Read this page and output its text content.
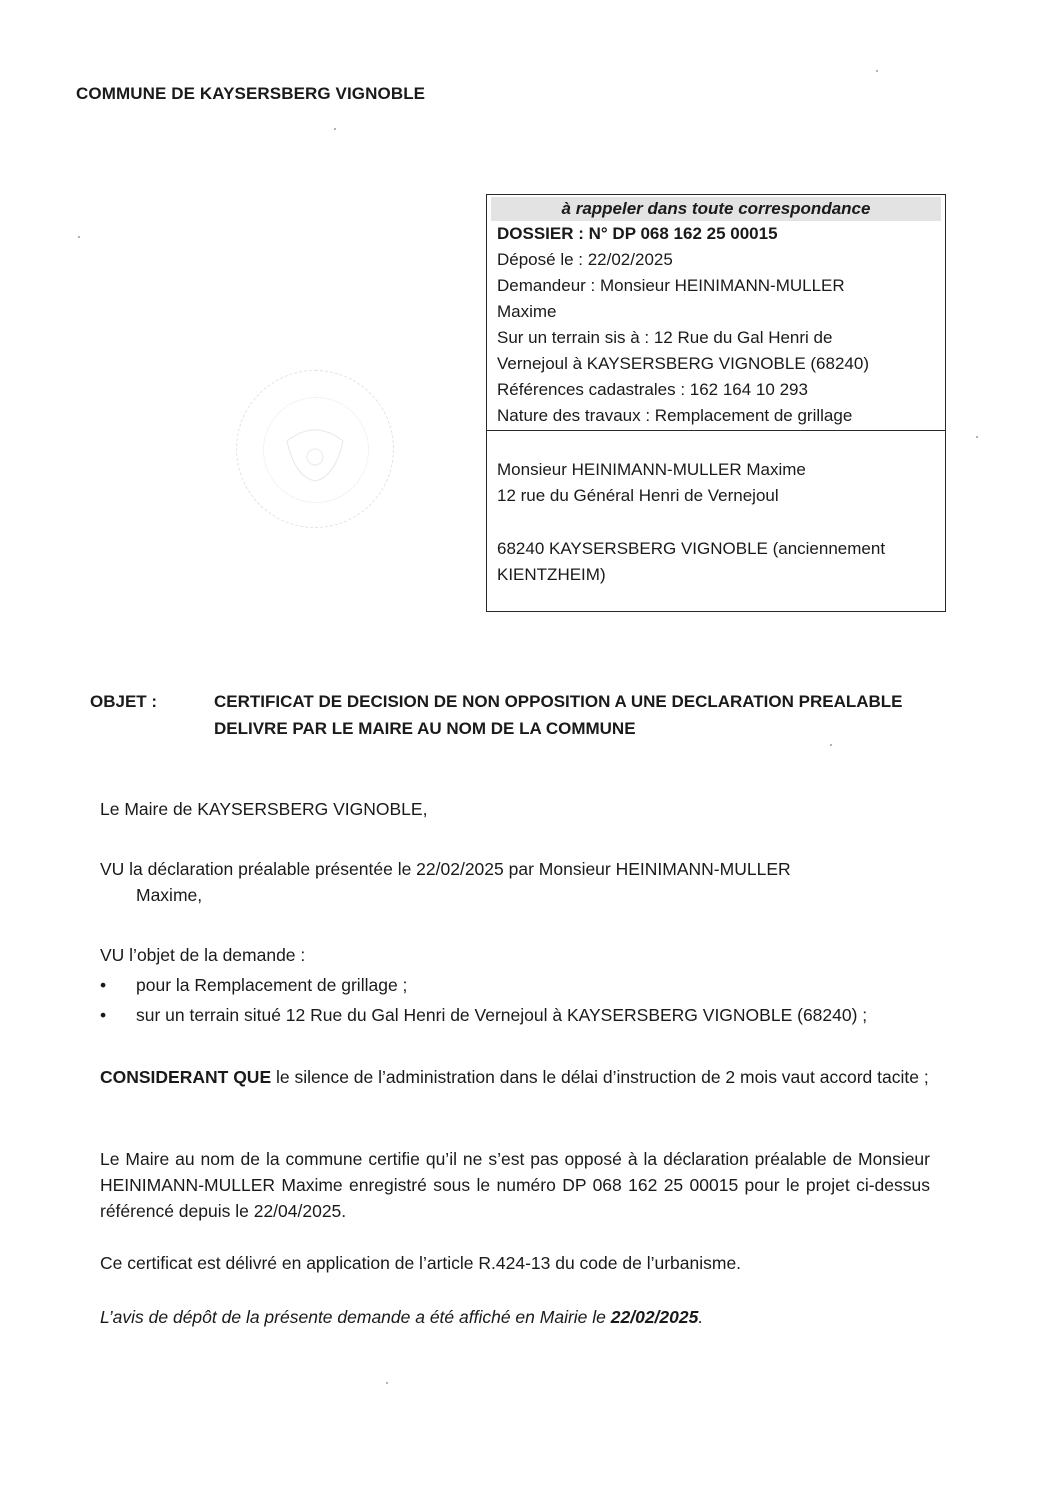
COMMUNE DE KAYSERSBERG VIGNOBLE
à rappeler dans toute correspondance
DOSSIER : N° DP 068 162 25 00015
Déposé le : 22/02/2025
Demandeur : Monsieur HEINIMANN-MULLER
Maxime
Sur un terrain sis à : 12 Rue du Gal Henri de
Vernejoul à KAYSERSBERG VIGNOBLE (68240)
Références cadastrales : 162 164 10 293
Nature des travaux : Remplacement de grillage
Monsieur HEINIMANN-MULLER Maxime
12 rue du Général Henri de Vernejoul
68240 KAYSERSBERG VIGNOBLE (anciennement
KIENTZHEIM)
OBJET :	CERTIFICAT DE DECISION DE NON OPPOSITION A UNE DECLARATION PREALABLE
DELIVRE PAR LE MAIRE AU NOM DE LA COMMUNE
Le Maire de KAYSERSBERG VIGNOBLE,
VU la déclaration préalable présentée le 22/02/2025 par Monsieur HEINIMANN-MULLER
Maxime,
VU l’objet de la demande :
• pour la Remplacement de grillage ;
• sur un terrain situé 12 Rue du Gal Henri de Vernejoul à KAYSERSBERG VIGNOBLE (68240) ;
CONSIDERANT QUE le silence de l’administration dans le délai d’instruction de 2 mois vaut accord tacite ;
Le Maire au nom de la commune certifie qu’il ne s’est pas opposé à la déclaration préalable de Monsieur HEINIMANN-MULLER Maxime enregistré sous le numéro DP 068 162 25 00015 pour le projet ci-dessus référencé depuis le 22/04/2025.
Ce certificat est délivré en application de l’article R.424-13 du code de l’urbanisme.
L’avis de dépôt de la présente demande a été affiché en Mairie le 22/02/2025.
